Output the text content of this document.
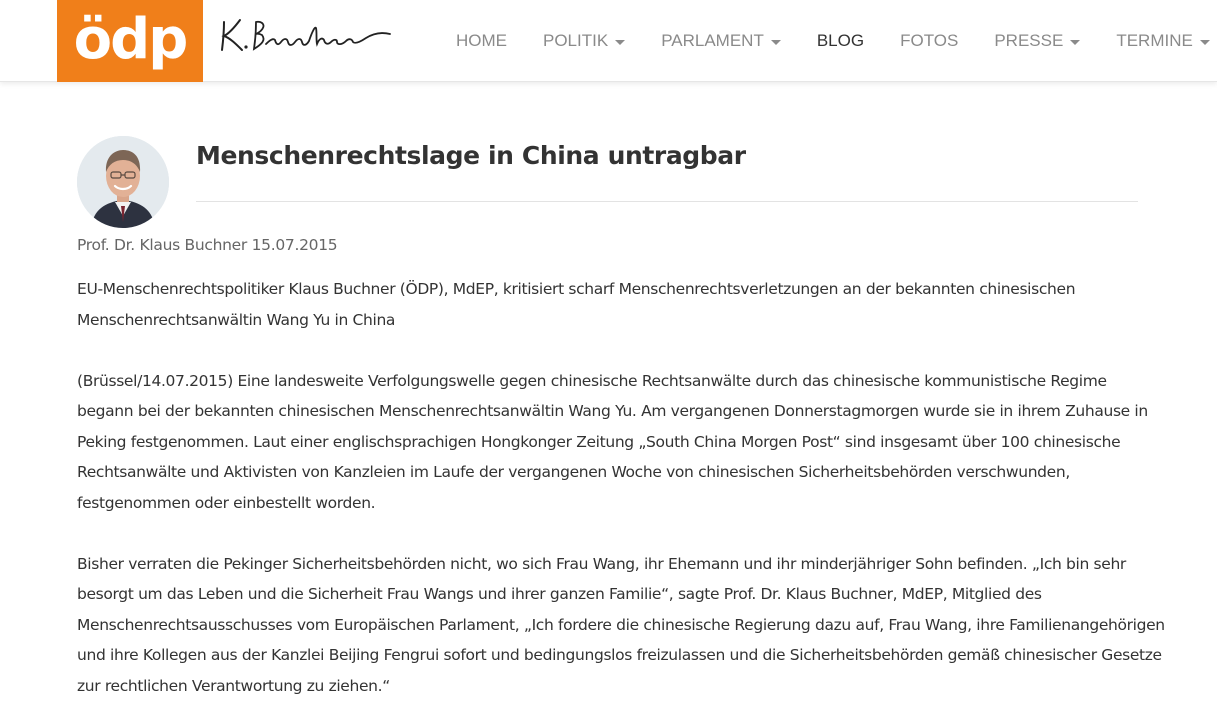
ödp	HOME POLITIK	PARLAMENT	BLOG FOTOS PRESSE	TERMINE
Menschenrechtslage in China untragbar
Prof. Dr. Klaus Buchner 15.07.2015

EU-Menschenrechtspolitiker Klaus Buchner (ÖDP), MdEP, kritisiert scharf Menschenrechtsverletzungen an der bekannten chinesischen Menschenrechtsanwältin Wang Yu in China

(Brüssel/14.07.2015) Eine landesweite Verfolgungswelle gegen chinesische Rechtsanwälte durch das chinesische kommunistische Regime begann bei der bekannten chinesischen Menschenrechtsanwältin Wang Yu. Am vergangenen Donnerstagmorgen wurde sie in ihrem Zuhause in Peking festgenommen. Laut einer englischsprachigen Hongkonger Zeitung „South China Morgen Post“ sind insgesamt über 100 chinesische Rechtsanwälte und Aktivisten von Kanzleien im Laufe der vergangenen Woche von chinesischen Sicherheitsbehörden verschwunden, festgenommen oder einbestellt worden.

Bisher verraten die Pekinger Sicherheitsbehörden nicht, wo sich Frau Wang, ihr Ehemann und ihr minderjähriger Sohn befinden. „Ich bin sehr besorgt um das Leben und die Sicherheit Frau Wangs und ihrer ganzen Familie“, sagte Prof. Dr. Klaus Buchner, MdEP, Mitglied des Menschenrechtsausschusses vom Europäischen Parlament, „Ich fordere die chinesische Regierung dazu auf, Frau Wang, ihre Familienangehörigen und ihre Kollegen aus der Kanzlei Beijing Fengrui sofort und bedingungslos freizulassen und die Sicherheitsbehörden gemäß chinesischer Gesetze zur rechtlichen Verantwortung zu ziehen.“
